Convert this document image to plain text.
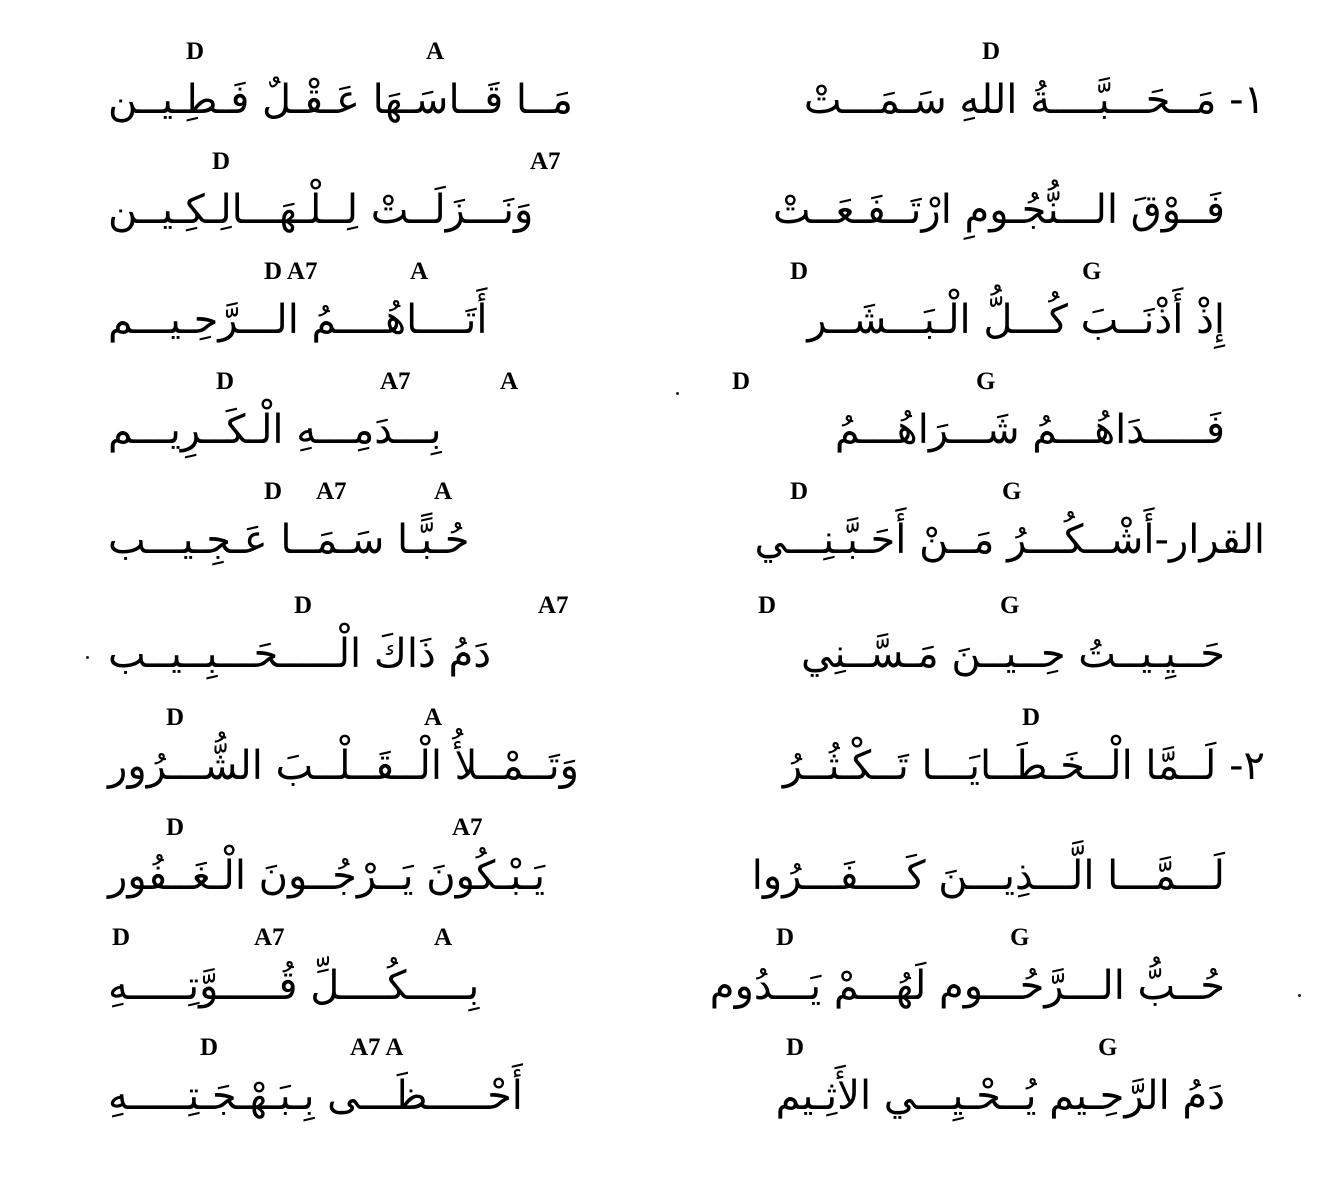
D	A	D
مَــا قَــاسَـهَا عَـقْـلٌ فَـطِـيــن	١- مَــحَـــبَّــــةُ اللهِ سَـمَـــتْ
D	A7
وَنَـــزَلَــتْ لِــلْـهَـــالِـكِـيــن	فَــوْقَ الـــنُّجُـومِ ارْتَــفَـعَــتْ
D A7	A	D	G
أَتَــــاهُــــمُ الـــرَّحِـيـــم	إِذْ أَذْنَــبَ كُـــلُّ الْـبَـــشَــر
D	A7	A	D	G
بِـــدَمِـــهِ الْـكَــرِيـــم	فَـــــدَاهُـــمُ شَـــرَاهُـــمُ
D A7	A	D	G
حُـبًّـا سَـمَــا عَـجِـيـــب	القرار-أَشْــكُـــرُ مَــنْ أَحَـبَّـنِـــي
D	A7	D	G
دَمُ ذَاكَ الْـــــحَـــبِــيــب	حَــيِـيــتُ حِــيــنَ مَـسَّــنِي
D	A	D
وَتَــمْــلأُ الْــقَــلْــبَ الشُّـــرُور	٢- لَــمَّا الْــخَـطَــايَـــا تَــكْـثُــرُ
D	A7
يَـبْـكُونَ يَــرْجُــونَ الْـغَــفُور	لَـــمَّـــا الَّـــذِيـــنَ كَــــفَـــرُوا
D	A7	A	D	G
بِـــــكُــــلِّ قُـــــوَّتِـــــهِ	حُــبُّ الـــرَّحُـــوم لَهُـــمْ يَـــدُوم
D	A7 A	D	G
أَحْـــــظَـــى بِـبَـهْـجَـتِـــــهِ	دَمُ الرَّحِـيم يُــحْـيِـــي الأَثِـيم
